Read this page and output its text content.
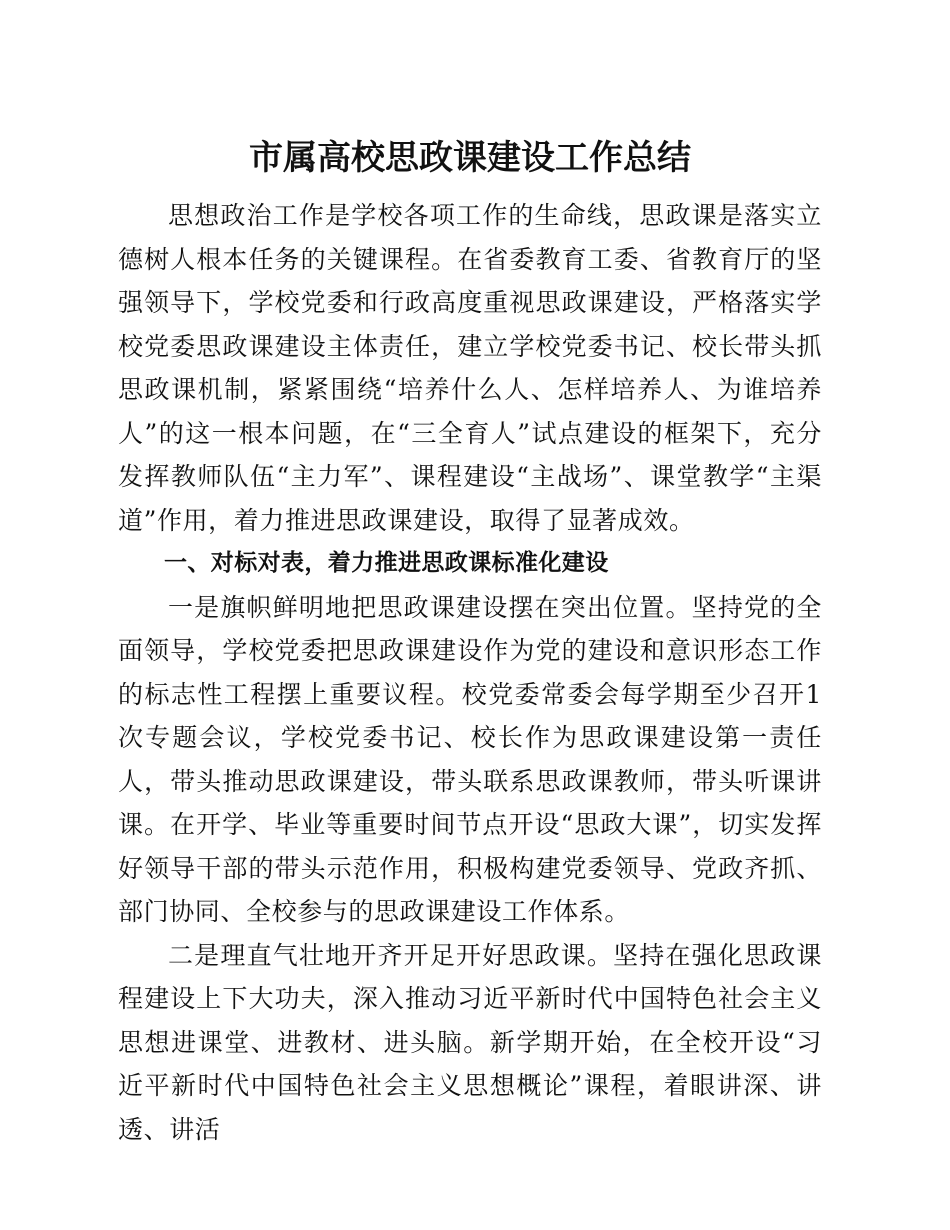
市属高校思政课建设工作总结

思想政治工作是学校各项工作的生命线，思政课是落实立德树人根本任务的关键课程。在省委教育工委、省教育厅的坚强领导下，学校党委和行政高度重视思政课建设，严格落实学校党委思政课建设主体责任，建立学校党委书记、校长带头抓思政课机制，紧紧围绕“培养什么人、怎样培养人、为谁培养人”的这一根本问题，在“三全育人”试点建设的框架下，充分发挥教师队伍“主力军”、课程建设“主战场”、课堂教学“主渠道”作用，着力推进思政课建设，取得了显著成效。

一、对标对表，着力推进思政课标准化建设

一是旗帜鲜明地把思政课建设摆在突出位置。坚持党的全面领导，学校党委把思政课建设作为党的建设和意识形态工作的标志性工程摆上重要议程。校党委常委会每学期至少召开1次专题会议，学校党委书记、校长作为思政课建设第一责任人，带头推动思政课建设，带头联系思政课教师，带头听课讲课。在开学、毕业等重要时间节点开设“思政大课”，切实发挥好领导干部的带头示范作用，积极构建党委领导、党政齐抓、部门协同、全校参与的思政课建设工作体系。

二是理直气壮地开齐开足开好思政课。坚持在强化思政课程建设上下大功夫，深入推动习近平新时代中国特色社会主义思想进课堂、进教材、进头脑。新学期开始，在全校开设“习近平新时代中国特色社会主义思想概论”课程，着眼讲深、讲透、讲活
